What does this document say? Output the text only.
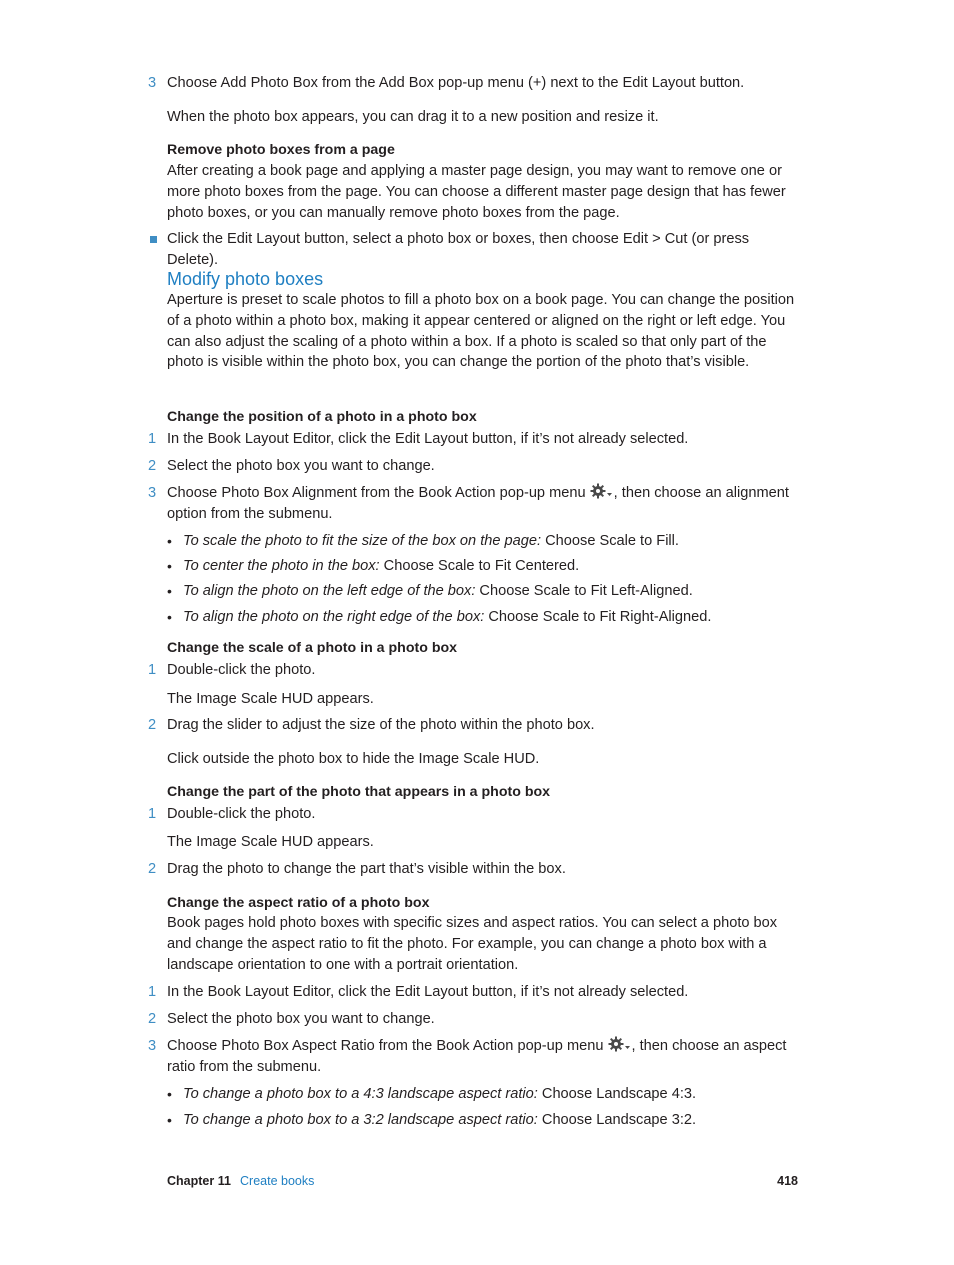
3 Choose Add Photo Box from the Add Box pop-up menu (+) next to the Edit Layout button.
When the photo box appears, you can drag it to a new position and resize it.
Remove photo boxes from a page
After creating a book page and applying a master page design, you may want to remove one or more photo boxes from the page. You can choose a different master page design that has fewer photo boxes, or you can manually remove photo boxes from the page.
Click the Edit Layout button, select a photo box or boxes, then choose Edit > Cut (or press Delete).
Modify photo boxes
Aperture is preset to scale photos to fill a photo box on a book page. You can change the position of a photo within a photo box, making it appear centered or aligned on the right or left edge. You can also adjust the scaling of a photo within a box. If a photo is scaled so that only part of the photo is visible within the photo box, you can change the portion of the photo that’s visible.
Change the position of a photo in a photo box
1 In the Book Layout Editor, click the Edit Layout button, if it’s not already selected.
2 Select the photo box you want to change.
3 Choose Photo Box Alignment from the Book Action pop-up menu , then choose an alignment option from the submenu.
• To scale the photo to fit the size of the box on the page: Choose Scale to Fill.
• To center the photo in the box: Choose Scale to Fit Centered.
• To align the photo on the left edge of the box: Choose Scale to Fit Left-Aligned.
• To align the photo on the right edge of the box: Choose Scale to Fit Right-Aligned.
Change the scale of a photo in a photo box
1 Double-click the photo.
The Image Scale HUD appears.
2 Drag the slider to adjust the size of the photo within the photo box.
Click outside the photo box to hide the Image Scale HUD.
Change the part of the photo that appears in a photo box
1 Double-click the photo.
The Image Scale HUD appears.
2 Drag the photo to change the part that’s visible within the box.
Change the aspect ratio of a photo box
Book pages hold photo boxes with specific sizes and aspect ratios. You can select a photo box and change the aspect ratio to fit the photo. For example, you can change a photo box with a landscape orientation to one with a portrait orientation.
1 In the Book Layout Editor, click the Edit Layout button, if it’s not already selected.
2 Select the photo box you want to change.
3 Choose Photo Box Aspect Ratio from the Book Action pop-up menu , then choose an aspect ratio from the submenu.
• To change a photo box to a 4:3 landscape aspect ratio: Choose Landscape 4:3.
• To change a photo box to a 3:2 landscape aspect ratio: Choose Landscape 3:2.
Chapter 11 Create books	418
